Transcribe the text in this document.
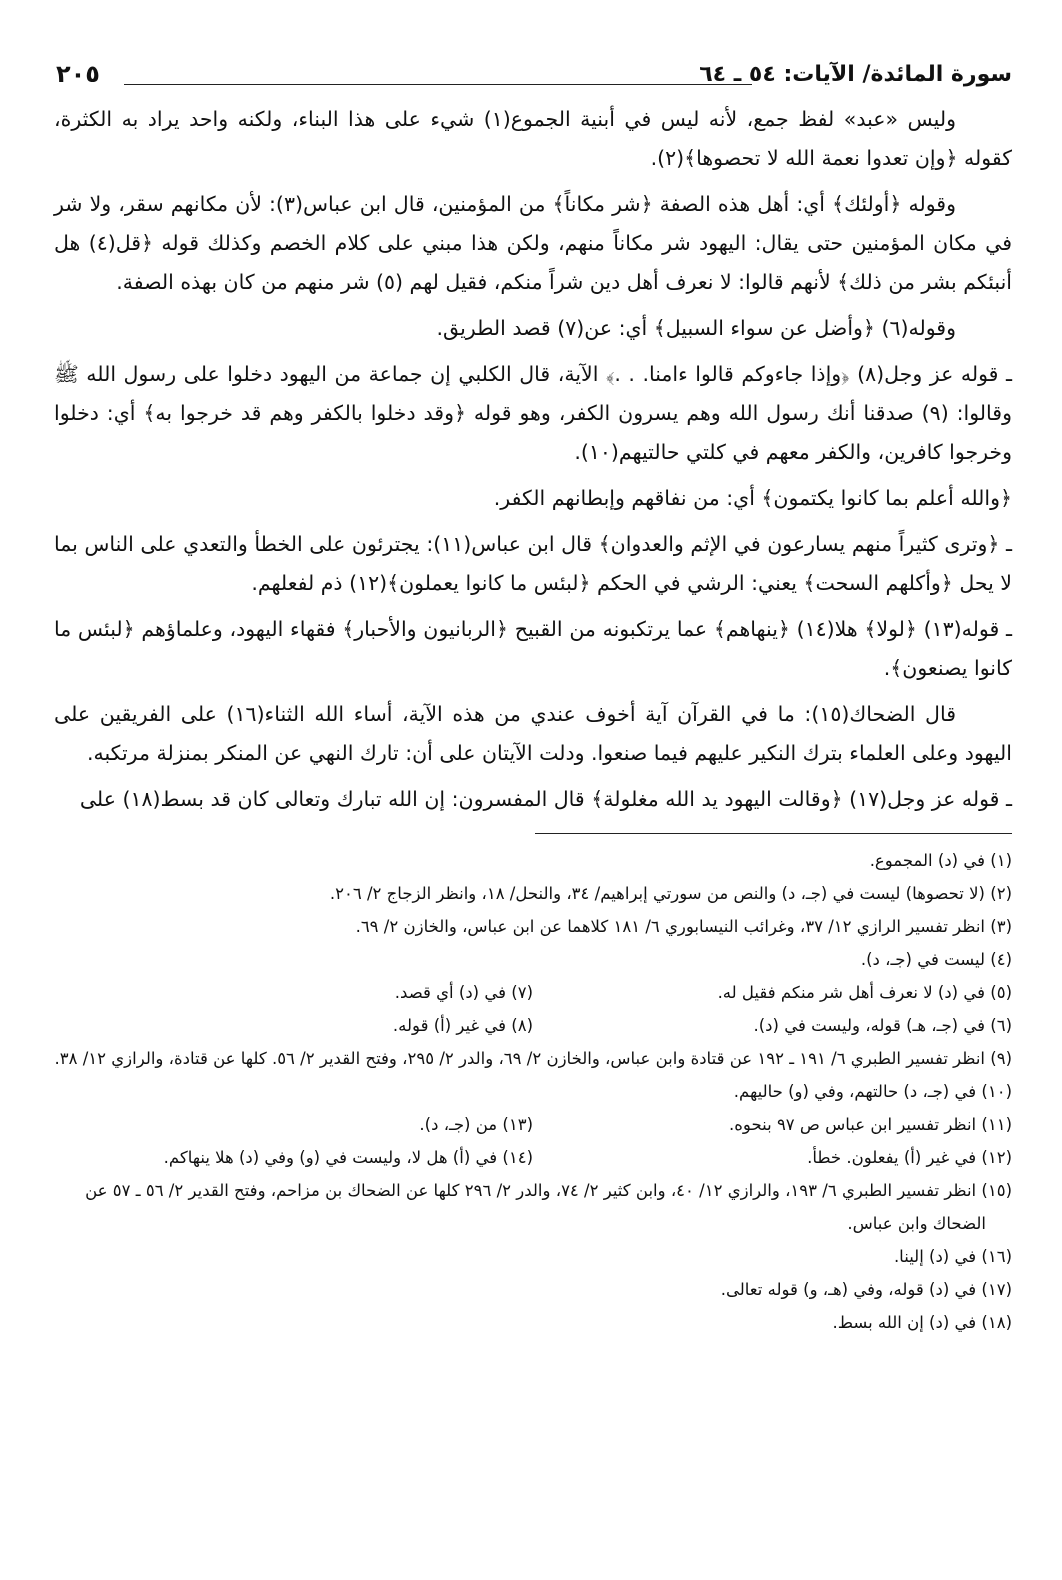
سورة المائدة/ الآيات: ٥٤ ـ ٦٤
٢٠٥

وليس «عبد» لفظ جمع، لأنه ليس في أبنية الجموع(١) شيء على هذا البناء، ولكنه واحد يراد به الكثرة، كقوله ﴿وإن تعدوا نعمة الله لا تحصوها﴾(٢).

وقوله ﴿أولئك﴾ أي: أهل هذه الصفة ﴿شر مكاناً﴾ من المؤمنين، قال ابن عباس(٣): لأن مكانهم سقر، ولا شر في مكان المؤمنين حتى يقال: اليهود شر مكاناً منهم، ولكن هذا مبني على كلام الخصم وكذلك قوله ﴿قل(٤) هل أنبئكم بشر من ذلك﴾ لأنهم قالوا: لا نعرف أهل دين شراً منكم، فقيل لهم (٥) شر منهم من كان بهذه الصفة.

وقوله(٦) ﴿وأضل عن سواء السبيل﴾ أي: عن(٧) قصد الطريق.

ـ قوله عز وجل(٨) ﴿وإذا جاءوكم قالوا ءامنا. . .﴾ الآية، قال الكلبي إن جماعة من اليهود دخلوا على رسول الله ﷺ وقالوا: (٩) صدقنا أنك رسول الله وهم يسرون الكفر، وهو قوله ﴿وقد دخلوا بالكفر وهم قد خرجوا به﴾ أي: دخلوا وخرجوا كافرين، والكفر معهم في كلتي حالتيهم(١٠).

﴿والله أعلم بما كانوا يكتمون﴾ أي: من نفاقهم وإبطانهم الكفر.

ـ ﴿وترى كثيراً منهم يسارعون في الإثم والعدوان﴾ قال ابن عباس(١١): يجترئون على الخطأ والتعدي على الناس بما لا يحل ﴿وأكلهم السحت﴾ يعني: الرشي في الحكم ﴿لبئس ما كانوا يعملون﴾(١٢) ذم لفعلهم.

ـ قوله(١٣) ﴿لولا﴾ هلا(١٤) ﴿ينهاهم﴾ عما يرتكبونه من القبيح ﴿الربانيون والأحبار﴾ فقهاء اليهود، وعلماؤهم ﴿لبئس ما كانوا يصنعون﴾.

قال الضحاك(١٥): ما في القرآن آية أخوف عندي من هذه الآية، أساء الله الثناء(١٦) على الفريقين على اليهود وعلى العلماء بترك النكير عليهم فيما صنعوا. ودلت الآيتان على أن: تارك النهي عن المنكر بمنزلة مرتكبه.

ـ قوله عز وجل(١٧) ﴿وقالت اليهود يد الله مغلولة﴾ قال المفسرون: إن الله تبارك وتعالى كان قد بسط(١٨) على

(١) في (د) المجموع.
(٢) (لا تحصوها) ليست في (جـ، د) والنص من سورتي إبراهيم/ ٣٤، والنحل/ ١٨، وانظر الزجاج ٢/ ٢٠٦.
(٣) انظر تفسير الرازي ١٢/ ٣٧، وغرائب النيسابوري ٦/ ١٨١ كلاهما عن ابن عباس، والخازن ٢/ ٦٩.
(٤) ليست في (جـ، د).
(٥) في (د) لا نعرف أهل شر منكم فقيل له.
(٧) في (د) أي قصد.
(٦) في (جـ، هـ) قوله، وليست في (د).
(٨) في غير (أ) قوله.
(٩) انظر تفسير الطبري ٦/ ١٩١ ـ ١٩٢ عن قتادة وابن عباس، والخازن ٢/ ٦٩، والدر ٢/ ٢٩٥، وفتح القدير ٢/ ٥٦. كلها عن قتادة، والرازي ١٢/ ٣٨.
(١٠) في (جـ، د) حالتهم، وفي (و) حاليهم.
(١١) انظر تفسير ابن عباس ص ٩٧ بنحوه.
(١٣) من (جـ، د).
(١٢) في غير (أ) يفعلون. خطأ.
(١٤) في (أ) هل لا، وليست في (و) وفي (د) هلا ينهاكم.
(١٥) انظر تفسير الطبري ٦/ ١٩٣، والرازي ١٢/ ٤٠، وابن كثير ٢/ ٧٤، والدر ٢/ ٢٩٦ كلها عن الضحاك بن مزاحم، وفتح القدير ٢/ ٥٦ ـ ٥٧ عن الضحاك وابن عباس.
(١٦) في (د) إلينا.
(١٧) في (د) قوله، وفي (هـ، و) قوله تعالى.
(١٨) في (د) إن الله بسط.
